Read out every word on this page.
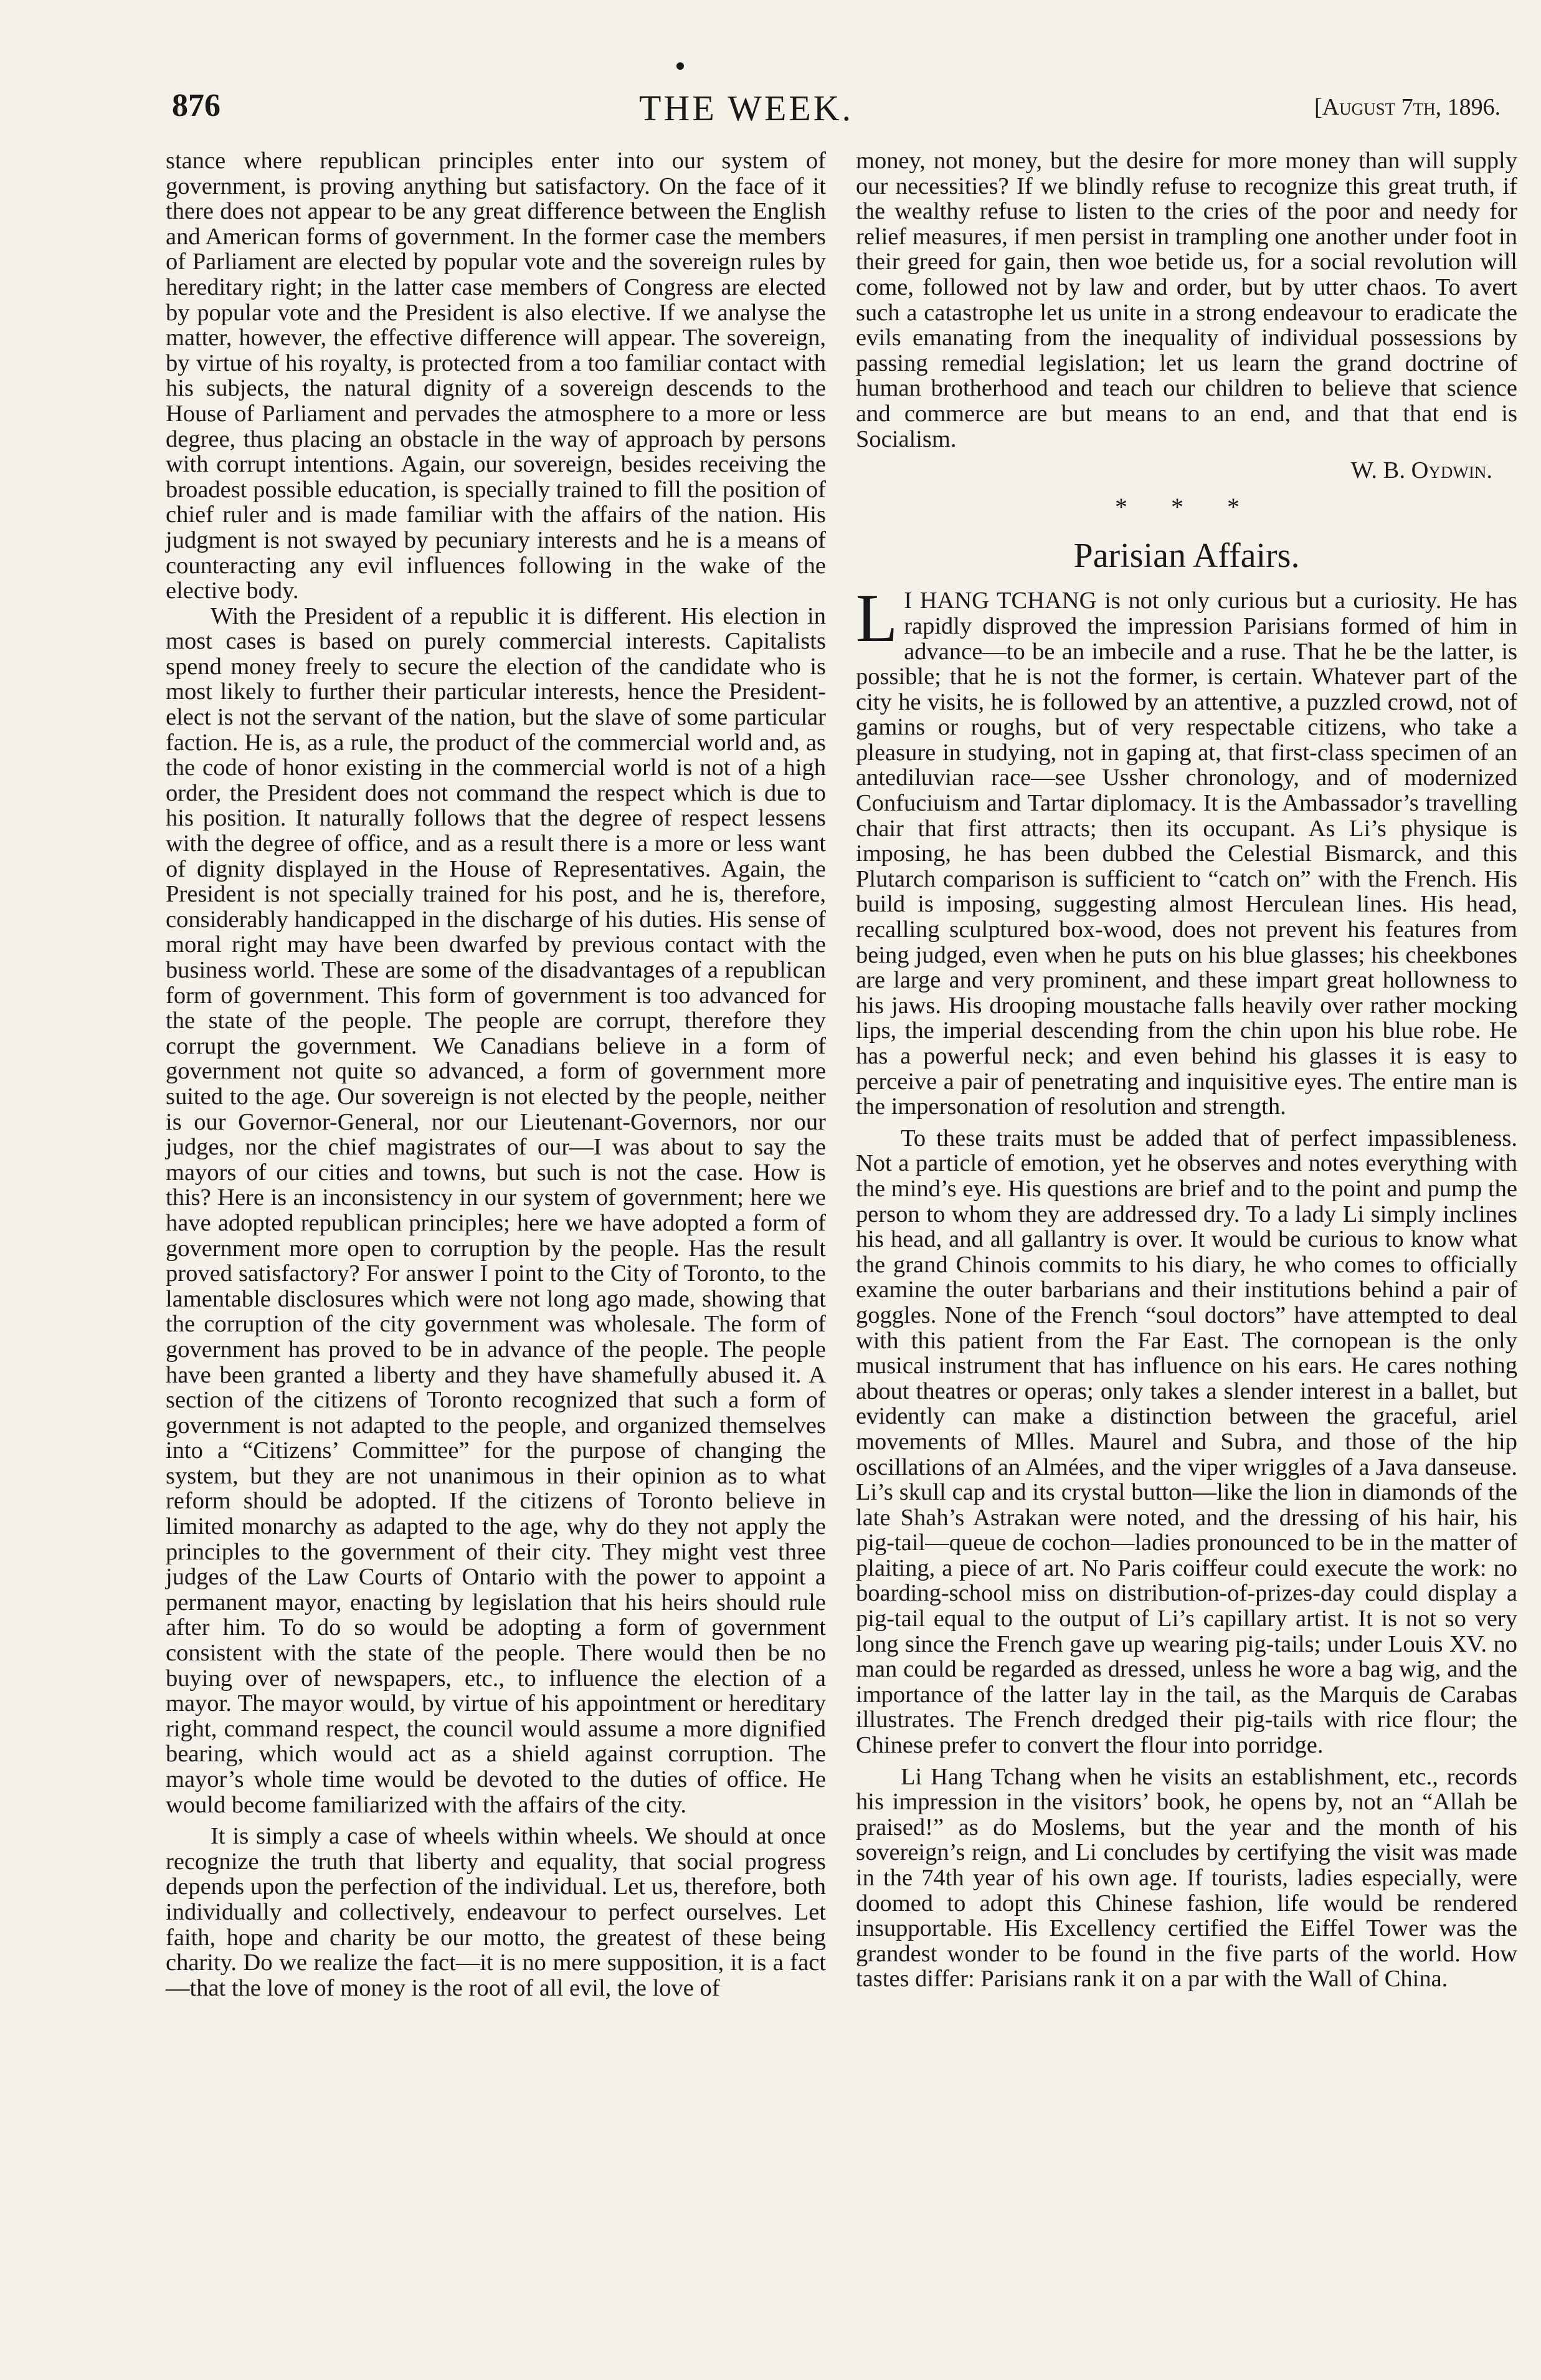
876	THE WEEK.	[August 7th, 1896.

stance where republican principles enter into our system of government, is proving anything but satisfactory. On the face of it there does not appear to be any great difference between the English and American forms of government. In the former case the members of Parliament are elected by popular vote and the sovereign rules by hereditary right; in the latter case members of Congress are elected by popular vote and the President is also elective. If we analyse the matter, however, the effective difference will appear. The sovereign, by virtue of his royalty, is protected from a too familiar contact with his subjects, the natural dignity of a sovereign descends to the House of Parliament and pervades the atmosphere to a more or less degree, thus placing an obstacle in the way of approach by persons with corrupt intentions. Again, our sovereign, besides receiving the broadest possible education, is specially trained to fill the position of chief ruler and is made familiar with the affairs of the nation. His judgment is not swayed by pecuniary interests and he is a means of counteracting any evil influences following in the wake of the elective body.

With the President of a republic it is different. His election in most cases is based on purely commercial interests. Capitalists spend money freely to secure the election of the candidate who is most likely to further their particular interests, hence the President-elect is not the servant of the nation, but the slave of some particular faction. He is, as a rule, the product of the commercial world and, as the code of honor existing in the commercial world is not of a high order, the President does not command the respect which is due to his position. It naturally follows that the degree of respect lessens with the degree of office, and as a result there is a more or less want of dignity displayed in the House of Representatives. Again, the President is not specially trained for his post, and he is, therefore, considerably handicapped in the discharge of his duties. His sense of moral right may have been dwarfed by previous contact with the business world. These are some of the disadvantages of a republican form of government. This form of government is too advanced for the state of the people. The people are corrupt, therefore they corrupt the government. We Canadians believe in a form of government not quite so advanced, a form of government more suited to the age. Our sovereign is not elected by the people, neither is our Governor-General, nor our Lieutenant-Governors, nor our judges, nor the chief magistrates of our—I was about to say the mayors of our cities and towns, but such is not the case. How is this? Here is an inconsistency in our system of government; here we have adopted republican principles; here we have adopted a form of government more open to corruption by the people. Has the result proved satisfactory? For answer I point to the City of Toronto, to the lamentable disclosures which were not long ago made, showing that the corruption of the city government was wholesale. The form of government has proved to be in advance of the people. The people have been granted a liberty and they have shamefully abused it. A section of the citizens of Toronto recognized that such a form of government is not adapted to the people, and organized themselves into a “Citizens’ Committee” for the purpose of changing the system, but they are not unanimous in their opinion as to what reform should be adopted. If the citizens of Toronto believe in limited monarchy as adapted to the age, why do they not apply the principles to the government of their city. They might vest three judges of the Law Courts of Ontario with the power to appoint a permanent mayor, enacting by legislation that his heirs should rule after him. To do so would be adopting a form of government consistent with the state of the people. There would then be no buying over of newspapers, etc., to influence the election of a mayor. The mayor would, by virtue of his appointment or hereditary right, command respect, the council would assume a more dignified bearing, which would act as a shield against corruption. The mayor’s whole time would be devoted to the duties of office. He would become familiarized with the affairs of the city.

It is simply a case of wheels within wheels. We should at once recognize the truth that liberty and equality, that social progress depends upon the perfection of the individual. Let us, therefore, both individually and collectively, endeavour to perfect ourselves. Let faith, hope and charity be our motto, the greatest of these being charity. Do we realize the fact—it is no mere supposition, it is a fact—that the love of money is the root of all evil, the love of

money, not money, but the desire for more money than will supply our necessities? If we blindly refuse to recognize this great truth, if the wealthy refuse to listen to the cries of the poor and needy for relief measures, if men persist in trampling one another under foot in their greed for gain, then woe betide us, for a social revolution will come, followed not by law and order, but by utter chaos. To avert such a catastrophe let us unite in a strong endeavour to eradicate the evils emanating from the inequality of individual possessions by passing remedial legislation; let us learn the grand doctrine of human brotherhood and teach our children to believe that science and commerce are but means to an end, and that that end is Socialism.

W. B. Oydwin.
* * *
Parisian Affairs.

L I HANG TCHANG is not only curious but a curiosity. He has rapidly disproved the impression Parisians formed of him in advance—to be an imbecile and a ruse. That he be the latter, is possible; that he is not the former, is certain. Whatever part of the city he visits, he is followed by an attentive, a puzzled crowd, not of gamins or roughs, but of very respectable citizens, who take a pleasure in studying, not in gaping at, that first-class specimen of an antediluvian race—see Ussher chronology, and of modernized Confuciuism and Tartar diplomacy. It is the Ambassador’s travelling chair that first attracts; then its occupant. As Li’s physique is imposing, he has been dubbed the Celestial Bismarck, and this Plutarch comparison is sufficient to “catch on” with the French. His build is imposing, suggesting almost Herculean lines. His head, recalling sculptured box-wood, does not prevent his features from being judged, even when he puts on his blue glasses; his cheekbones are large and very prominent, and these impart great hollowness to his jaws. His drooping moustache falls heavily over rather mocking lips, the imperial descending from the chin upon his blue robe. He has a powerful neck; and even behind his glasses it is easy to perceive a pair of penetrating and inquisitive eyes. The entire man is the impersonation of resolution and strength.

To these traits must be added that of perfect impassibleness. Not a particle of emotion, yet he observes and notes everything with the mind’s eye. His questions are brief and to the point and pump the person to whom they are addressed dry. To a lady Li simply inclines his head, and all gallantry is over. It would be curious to know what the grand Chinois commits to his diary, he who comes to officially examine the outer barbarians and their institutions behind a pair of goggles. None of the French “soul doctors” have attempted to deal with this patient from the Far East. The cornopean is the only musical instrument that has influence on his ears. He cares nothing about theatres or operas; only takes a slender interest in a ballet, but evidently can make a distinction between the graceful, ariel movements of Mlles. Maurel and Subra, and those of the hip oscillations of an Almées, and the viper wriggles of a Java danseuse. Li’s skull cap and its crystal button—like the lion in diamonds of the late Shah’s Astrakan were noted, and the dressing of his hair, his pig-tail—queue de cochon—ladies pronounced to be in the matter of plaiting, a piece of art. No Paris coiffeur could execute the work: no boarding-school miss on distribution-of-prizes-day could display a pig-tail equal to the output of Li’s capillary artist. It is not so very long since the French gave up wearing pig-tails; under Louis XV. no man could be regarded as dressed, unless he wore a bag wig, and the importance of the latter lay in the tail, as the Marquis de Carabas illustrates. The French dredged their pig-tails with rice flour; the Chinese prefer to convert the flour into porridge.

Li Hang Tchang when he visits an establishment, etc., records his impression in the visitors’ book, he opens by, not an “Allah be praised!” as do Moslems, but the year and the month of his sovereign’s reign, and Li concludes by certifying the visit was made in the 74th year of his own age. If tourists, ladies especially, were doomed to adopt this Chinese fashion, life would be rendered insupportable. His Excellency certified the Eiffel Tower was the grandest wonder to be found in the five parts of the world. How tastes differ: Parisians rank it on a par with the Wall of China.
